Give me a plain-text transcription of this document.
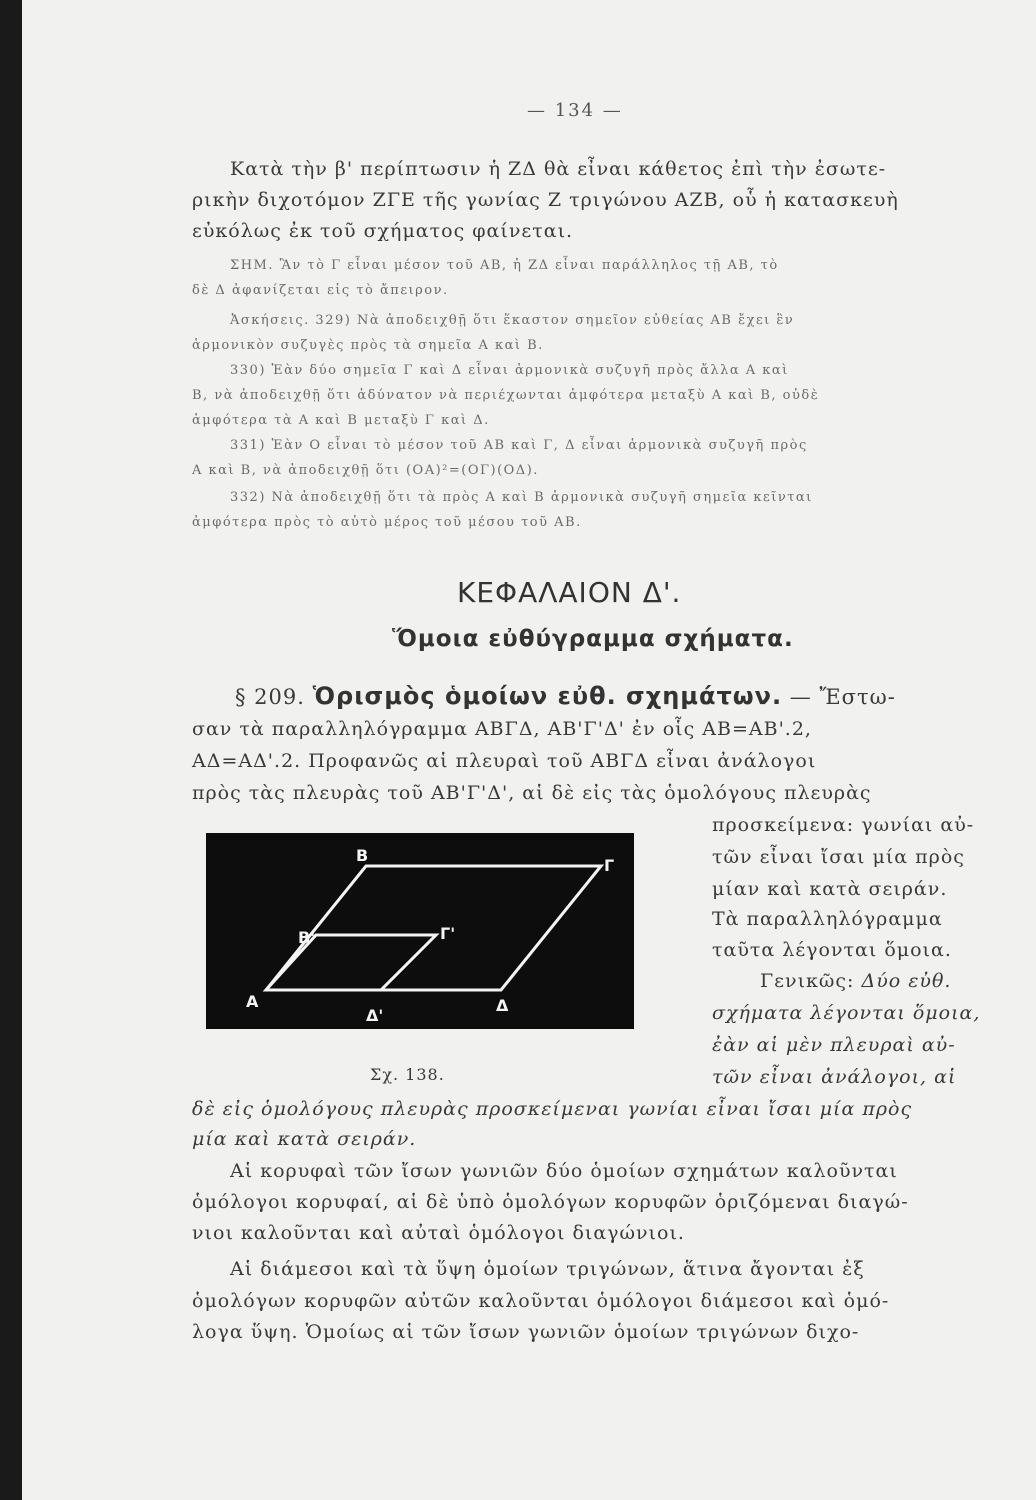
— 134 —
Κατὰ τὴν β' περίπτωσιν ἡ ΖΔ θὰ εἶναι κάθετος ἐπὶ τὴν ἐσωτε-
ρικὴν διχοτόμον ΖΓΕ τῆς γωνίας Ζ τριγώνου ΑΖΒ, οὗ ἡ κατασκευὴ
εὐκόλως ἐκ τοῦ σχήματος φαίνεται.
ΣΗΜ. Ἂν τὸ Γ εἶναι μέσον τοῦ ΑΒ, ἡ ΖΔ εἶναι παράλληλος τῇ ΑΒ, τὸ
δὲ Δ ἀφανίζεται εἰς τὸ ἄπειρον.
Ἀσκήσεις. 329) Νὰ ἀποδειχθῇ ὅτι ἕκαστον σημεῖον εὐθείας ΑΒ ἔχει ἓν
ἁρμονικὸν συζυγὲς πρὸς τὰ σημεῖα Α καὶ Β.
330) Ἐὰν δύο σημεῖα Γ καὶ Δ εἶναι ἁρμονικὰ συζυγῆ πρὸς ἄλλα Α καὶ
Β, νὰ ἀποδειχθῇ ὅτι ἀδύνατον νὰ περιέχωνται ἀμφότερα μεταξὺ Α καὶ Β, οὐδὲ
ἀμφότερα τὰ Α καὶ Β μεταξὺ Γ καὶ Δ.
331) Ἐὰν Ο εἶναι τὸ μέσον τοῦ ΑΒ καὶ Γ, Δ εἶναι ἁρμονικὰ συζυγῆ πρὸς
Α καὶ Β, νὰ ἀποδειχθῇ ὅτι (ΟΑ)²=(ΟΓ)(ΟΔ).
332) Νὰ ἀποδειχθῇ ὅτι τὰ πρὸς Α καὶ Β ἁρμονικὰ συζυγῆ σημεῖα κεῖνται
ἀμφότερα πρὸς τὸ αὐτὸ μέρος τοῦ μέσου τοῦ ΑΒ.
ΚΕΦΑΛΑΙΟΝ Δ'.
Ὅμοια εὐθύγραμμα σχήματα.
§ 209. Ὁρισμὸς ὁμοίων εὐθ. σχημάτων. — Ἔστω-
σαν τὰ παραλληλόγραμμα ΑΒΓΔ, ΑΒ'Γ'Δ' ἐν οἷς ΑΒ=ΑΒ'.2,
ΑΔ=ΑΔ'.2. Προφανῶς αἱ πλευραὶ τοῦ ΑΒΓΔ εἶναι ἀνάλογοι
πρὸς τὰς πλευρὰς τοῦ ΑΒ'Γ'Δ', αἱ δὲ εἰς τὰς ὁμολόγους πλευρὰς
προσκείμενα: γωνίαι αὐ-
τῶν εἶναι ἴσαι μία πρὸς
μίαν καὶ κατὰ σειράν.
Τὰ παραλληλόγραμμα
ταῦτα λέγονται ὅμοια.
Γενικῶς: Δύο εὐθ.
σχήματα λέγονται ὅμοια,
ἐὰν αἱ μὲν πλευραὶ αὐ-
τῶν εἶναι ἀνάλογοι, αἱ
Β
Γ
Β'	Γ'
Α	Δ
Δ'
Σχ. 138.
δὲ εἰς ὁμολόγους πλευρὰς προσκείμεναι γωνίαι εἶναι ἴσαι μία πρὸς
μία καὶ κατὰ σειράν.
Αἱ κορυφαὶ τῶν ἴσων γωνιῶν δύο ὁμοίων σχημάτων καλοῦνται
ὁμόλογοι κορυφαί, αἱ δὲ ὑπὸ ὁμολόγων κορυφῶν ὁριζόμεναι διαγώ-
νιοι καλοῦνται καὶ αὐταὶ ὁμόλογοι διαγώνιοι.
Αἱ διάμεσοι καὶ τὰ ὕψη ὁμοίων τριγώνων, ἅτινα ἄγονται ἐξ
ὁμολόγων κορυφῶν αὐτῶν καλοῦνται ὁμόλογοι διάμεσοι καὶ ὁμό-
λογα ὕψη. Ὁμοίως αἱ τῶν ἴσων γωνιῶν ὁμοίων τριγώνων διχο-
